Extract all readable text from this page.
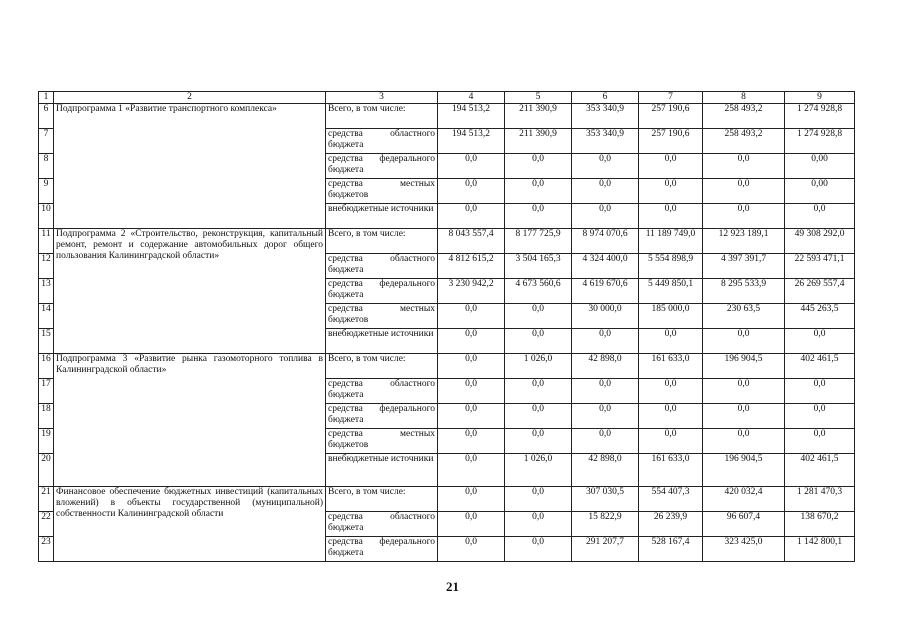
1	2	3	4	5	6	7	8	9
6	Подпрограмма 1 «Развитие транспортного комплекса»	Всего, в том числе:	194 513,2	211 390,9	353 340,9	257 190,6	258 493,2	1 274 928,8
7		средства областного бюджета	194 513,2	211 390,9	353 340,9	257 190,6	258 493,2	1 274 928,8
8		средства федерального бюджета	0,0	0,0	0,0	0,0	0,0	0,00
9		средства местных бюджетов	0,0	0,0	0,0	0,0	0,0	0,00
10		внебюджетные источники	0,0	0,0	0,0	0,0	0,0	0,0
11	Подпрограмма 2 «Строительство, реконструкция, капитальный ремонт, ремонт и содержание автомобильных дорог общего пользования Калининградской области»	Всего, в том числе:	8 043 557,4	8 177 725,9	8 974 070,6	11 189 749,0	12 923 189,1	49 308 292,0
12		средства областного бюджета	4 812 615,2	3 504 165,3	4 324 400,0	5 554 898,9	4 397 391,7	22 593 471,1
13		средства федерального бюджета	3 230 942,2	4 673 560,6	4 619 670,6	5 449 850,1	8 295 533,9	26 269 557,4
14		средства местных бюджетов	0,0	0,0	30 000,0	185 000,0	230 63,5	445 263,5
15		внебюджетные источники	0,0	0,0	0,0	0,0	0,0	0,0
16	Подпрограмма 3 «Развитие рынка газомоторного топлива в Калининградской области»	Всего, в том числе:	0,0	1 026,0	42 898,0	161 633,0	196 904,5	402 461,5
17		средства областного бюджета	0,0	0,0	0,0	0,0	0,0	0,0
18		средства федерального бюджета	0,0	0,0	0,0	0,0	0,0	0,0
19		средства местных бюджетов	0,0	0,0	0,0	0,0	0,0	0,0
20		внебюджетные источники	0,0	1 026,0	42 898,0	161 633,0	196 904,5	402 461,5
21	Финансовое обеспечение бюджетных инвестиций (капитальных вложений) в объекты государственной (муниципальной) собственности Калининградской области	Всего, в том числе:	0,0	0,0	307 030,5	554 407,3	420 032,4	1 281 470,3
22		средства областного бюджета	0,0	0,0	15 822,9	26 239,9	96 607,4	138 670,2
23		средства федерального бюджета	0,0	0,0	291 207,7	528 167,4	323 425,0	1 142 800,1
21
